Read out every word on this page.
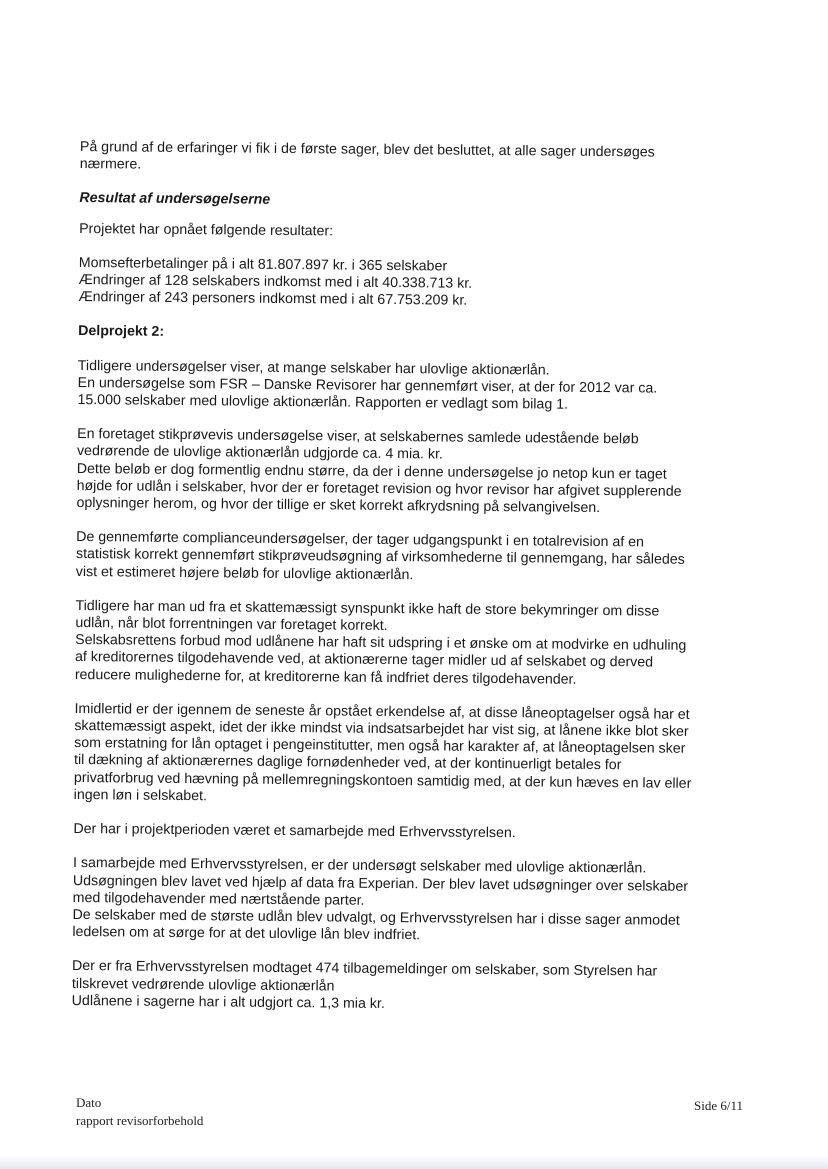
På grund af de erfaringer vi fik i de første sager, blev det besluttet, at alle sager undersøges
nærmere.
Resultat af undersøgelserne
Projektet har opnået følgende resultater:
Momsefterbetalinger på i alt 81.807.897 kr. i 365 selskaber
Ændringer af 128 selskabers indkomst med i alt 40.338.713 kr.
Ændringer af 243 personers indkomst med i alt 67.753.209 kr.
Delprojekt 2:
Tidligere undersøgelser viser, at mange selskaber har ulovlige aktionærlån.
En undersøgelse som FSR – Danske Revisorer har gennemført viser, at der for 2012 var ca.
15.000 selskaber med ulovlige aktionærlån. Rapporten er vedlagt som bilag 1.
En foretaget stikprøvevis undersøgelse viser, at selskabernes samlede udestående beløb
vedrørende de ulovlige aktionærlån udgjorde ca. 4 mia. kr.
Dette beløb er dog formentlig endnu større, da der i denne undersøgelse jo netop kun er taget
højde for udlån i selskaber, hvor der er foretaget revision og hvor revisor har afgivet supplerende
oplysninger herom, og hvor der tillige er sket korrekt afkrydsning på selvangivelsen.
De gennemførte complianceundersøgelser, der tager udgangspunkt i en totalrevision af en
statistisk korrekt gennemført stikprøveudsøgning af virksomhederne til gennemgang, har således
vist et estimeret højere beløb for ulovlige aktionærlån.
Tidligere har man ud fra et skattemæssigt synspunkt ikke haft de store bekymringer om disse
udlån, når blot forrentningen var foretaget korrekt.
Selskabsrettens forbud mod udlånene har haft sit udspring i et ønske om at modvirke en udhuling
af kreditorernes tilgodehavende ved, at aktionærerne tager midler ud af selskabet og derved
reducere mulighederne for, at kreditorerne kan få indfriet deres tilgodehavender.
Imidlertid er der igennem de seneste år opstået erkendelse af, at disse låneoptagelser også har et
skattemæssigt aspekt, idet der ikke mindst via indsatsarbejdet har vist sig, at lånene ikke blot sker
som erstatning for lån optaget i pengeinstitutter, men også har karakter af, at låneoptagelsen sker
til dækning af aktionærernes daglige fornødenheder ved, at der kontinuerligt betales for
privatforbrug ved hævning på mellemregningskontoen samtidig med, at der kun hæves en lav eller
ingen løn i selskabet.
Der har i projektperioden været et samarbejde med Erhvervsstyrelsen.
I samarbejde med Erhvervsstyrelsen, er der undersøgt selskaber med ulovlige aktionærlån.
Udsøgningen blev lavet ved hjælp af data fra Experian. Der blev lavet udsøgninger over selskaber
med tilgodehavender med nærtstående parter.
De selskaber med de største udlån blev udvalgt, og Erhvervsstyrelsen har i disse sager anmodet
ledelsen om at sørge for at det ulovlige lån blev indfriet.
Der er fra Erhvervsstyrelsen modtaget 474 tilbagemeldinger om selskaber, som Styrelsen har
tilskrevet vedrørende ulovlige aktionærlån
Udlånene i sagerne har i alt udgjort ca. 1,3 mia kr.
Dato
rapport revisorforbehold
Side 6/11
